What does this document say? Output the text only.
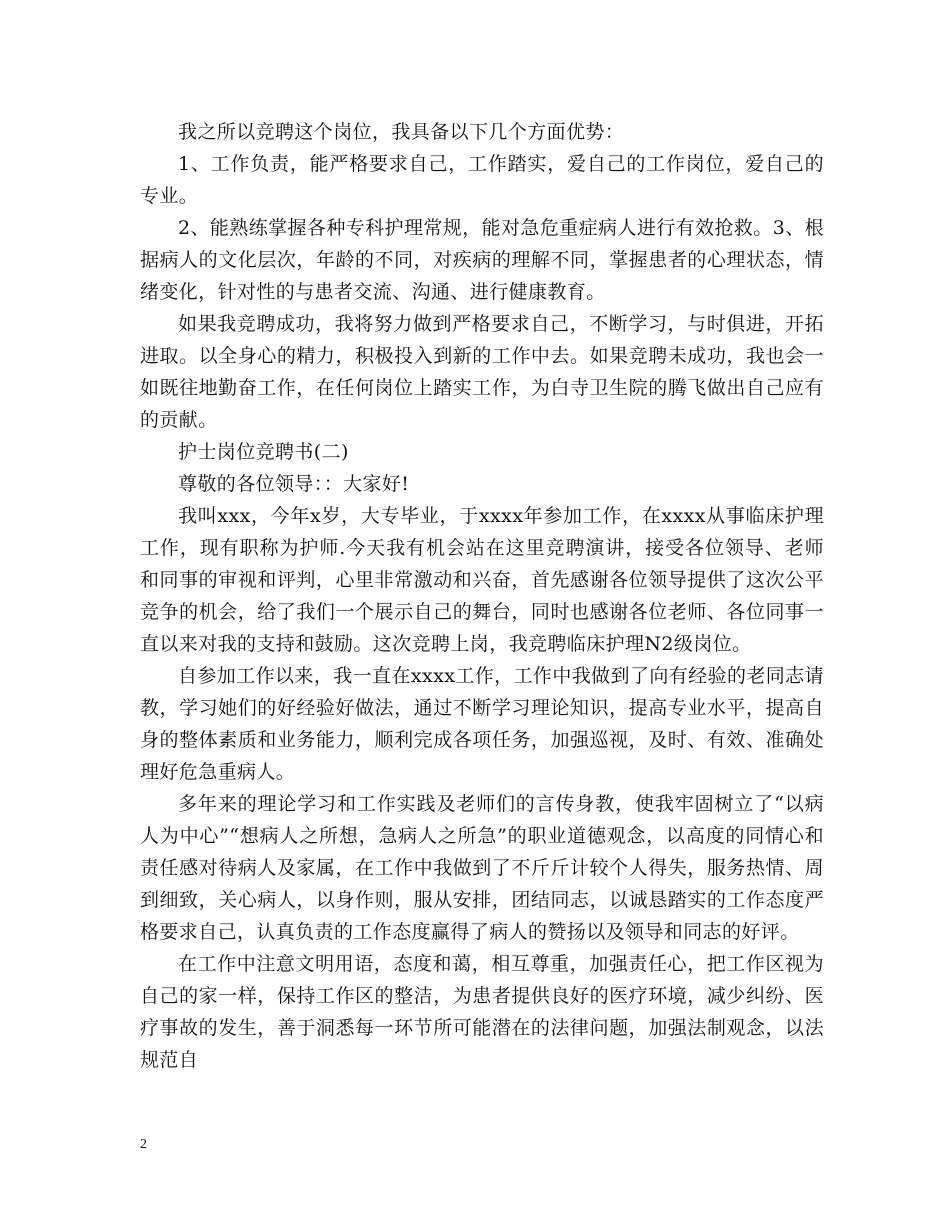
我之所以竞聘这个岗位，我具备以下几个方面优势：

1、工作负责，能严格要求自己，工作踏实，爱自己的工作岗位，爱自己的专业。

2、能熟练掌握各种专科护理常规，能对急危重症病人进行有效抢救。3、根据病人的文化层次，年龄的不同，对疾病的理解不同，掌握患者的心理状态，情绪变化，针对性的与患者交流、沟通、进行健康教育。

如果我竞聘成功，我将努力做到严格要求自己，不断学习，与时俱进，开拓进取。以全身心的精力，积极投入到新的工作中去。如果竞聘未成功，我也会一如既往地勤奋工作，在任何岗位上踏实工作，为白寺卫生院的腾飞做出自己应有的贡献。

护士岗位竞聘书(二)

尊敬的各位领导：：大家好!

我叫xxx，今年x岁，大专毕业，于xxxx年参加工作，在xxxx从事临床护理工作，现有职称为护师.今天我有机会站在这里竞聘演讲，接受各位领导、老师和同事的审视和评判，心里非常激动和兴奋，首先感谢各位领导提供了这次公平竞争的机会，给了我们一个展示自己的舞台，同时也感谢各位老师、各位同事一直以来对我的支持和鼓励。这次竞聘上岗，我竞聘临床护理N2级岗位。

自参加工作以来，我一直在xxxx工作，工作中我做到了向有经验的老同志请教，学习她们的好经验好做法，通过不断学习理论知识，提高专业水平，提高自身的整体素质和业务能力，顺利完成各项任务，加强巡视，及时、有效、准确处理好危急重病人。

多年来的理论学习和工作实践及老师们的言传身教，使我牢固树立了“以病人为中心”“想病人之所想，急病人之所急”的职业道德观念，以高度的同情心和责任感对待病人及家属，在工作中我做到了不斤斤计较个人得失，服务热情、周到细致，关心病人，以身作则，服从安排，团结同志，以诚恳踏实的工作态度严格要求自己，认真负责的工作态度赢得了病人的赞扬以及领导和同志的好评。

在工作中注意文明用语，态度和蔼，相互尊重，加强责任心，把工作区视为自己的家一样，保持工作区的整洁，为患者提供良好的医疗环境，减少纠纷、医疗事故的发生，善于洞悉每一环节所可能潜在的法律问题，加强法制观念，以法规范自

2
